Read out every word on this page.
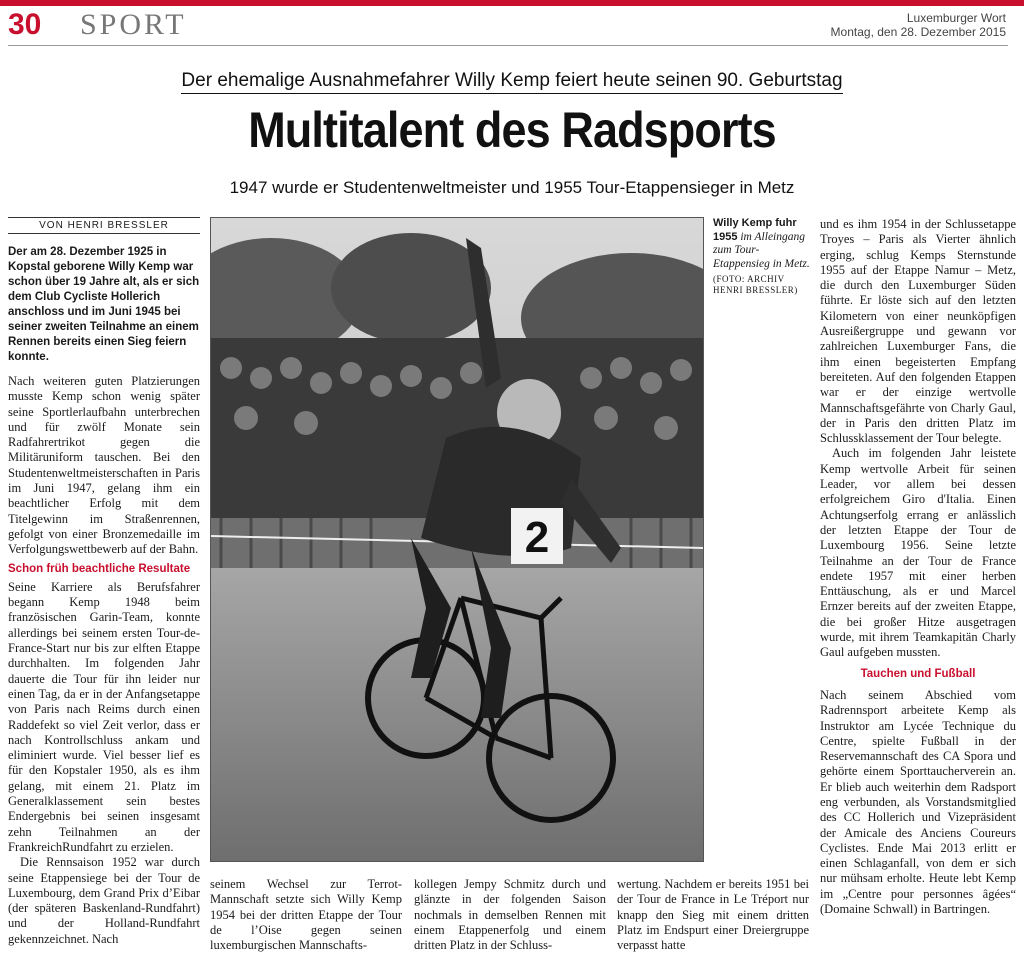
30 SPORT	Luxemburger Wort
Montag, den 28. Dezember 2015
Der ehemalige Ausnahmefahrer Willy Kemp feiert heute seinen 90. Geburtstag
Multitalent des Radsports
1947 wurde er Studentenweltmeister und 1955 Tour-Etappensieger in Metz
VON HENRI BRESSLER

Der am 28. Dezember 1925 in Kopstal geborene Willy Kemp war schon über 19 Jahre alt, als er sich dem Club Cycliste Hollerich anschloss und im Juni 1945 bei seiner zweiten Teilnahme an einem Rennen bereits einen Sieg feiern konnte.

Nach weiteren guten Platzierungen musste Kemp schon wenig später seine Sportlerlaufbahn unterbrechen und für zwölf Monate sein Radfahrertrikot gegen die Militäruniform tauschen. Bei den Studentenweltmeisterschaften in Paris im Juni 1947, gelang ihm ein beachtlicher Erfolg mit dem Titelgewinn im Straßenrennen, gefolgt von einer Bronzemedaille im Verfolgungswettbewerb auf der Bahn.

Schon früh beachtliche Resultate

Seine Karriere als Berufsfahrer begann Kemp 1948 beim französischen Garin-Team, konnte allerdings bei seinem ersten Tour-de-France-Start nur bis zur elften Etappe durchhalten. Im folgenden Jahr dauerte die Tour für ihn leider nur einen Tag, da er in der Anfangsetappe von Paris nach Reims durch einen Raddefekt so viel Zeit verlor, dass er nach Kontrollschluss ankam und eliminiert wurde. Viel besser lief es für den Kopstaler 1950, als es ihm gelang, mit einem 21. Platz im Generalklassement sein bestes Endergebnis bei seinen insgesamt zehn Teilnahmen an der FrankreichRundfahrt zu erzielen.

Die Rennsaison 1952 war durch seine Etappensiege bei der Tour de Luxembourg, dem Grand Prix d’Eibar (der späteren Baskenland-Rundfahrt) und der Holland-Rundfahrt gekennzeichnet. Nach

2
Willy Kemp fuhr 1955 im Alleingang zum Tour-Etappensieg in Metz.
(FOTO: ARCHIV HENRI BRESSLER)

seinem Wechsel zur Terrot-Mannschaft setzte sich Willy Kemp 1954 bei der dritten Etappe der Tour de l’Oise gegen seinen luxemburgischen Mannschafts-

kollegen Jempy Schmitz durch und glänzte in der folgenden Saison nochmals in demselben Rennen mit einem Etappenerfolg und einem dritten Platz in der Schluss-

wertung. Nachdem er bereits 1951 bei der Tour de France in Le Tréport nur knapp den Sieg mit einem dritten Platz im Endspurt einer Dreiergruppe verpasst hatte

und es ihm 1954 in der Schlussetappe Troyes – Paris als Vierter ähnlich erging, schlug Kemps Sternstunde 1955 auf der Etappe Namur – Metz, die durch den Luxemburger Süden führte. Er löste sich auf den letzten Kilometern von einer neunköpfigen Ausreißergruppe und gewann vor zahlreichen Luxemburger Fans, die ihm einen begeisterten Empfang bereiteten. Auf den folgenden Etappen war er der einzige wertvolle Mannschaftsgefährte von Charly Gaul, der in Paris den dritten Platz im Schlussklassement der Tour belegte.

Auch im folgenden Jahr leistete Kemp wertvolle Arbeit für seinen Leader, vor allem bei dessen erfolgreichem Giro d'Italia. Einen Achtungserfolg errang er anlässlich der letzten Etappe der Tour de Luxembourg 1956. Seine letzte Teilnahme an der Tour de France endete 1957 mit einer herben Enttäuschung, als er und Marcel Ernzer bereits auf der zweiten Etappe, die bei großer Hitze ausgetragen wurde, mit ihrem Teamkapitän Charly Gaul aufgeben mussten.

Tauchen und Fußball

Nach seinem Abschied vom Radrennsport arbeitete Kemp als Instruktor am Lycée Technique du Centre, spielte Fußball in der Reservemannschaft des CA Spora und gehörte einem Sporttaucherverein an. Er blieb auch weiterhin dem Radsport eng verbunden, als Vorstandsmitglied des CC Hollerich und Vizepräsident der Amicale des Anciens Coureurs Cyclistes. Ende Mai 2013 erlitt er einen Schlaganfall, von dem er sich nur mühsam erholte. Heute lebt Kemp im „Centre pour personnes âgées“ (Domaine Schwall) in Bartringen.
